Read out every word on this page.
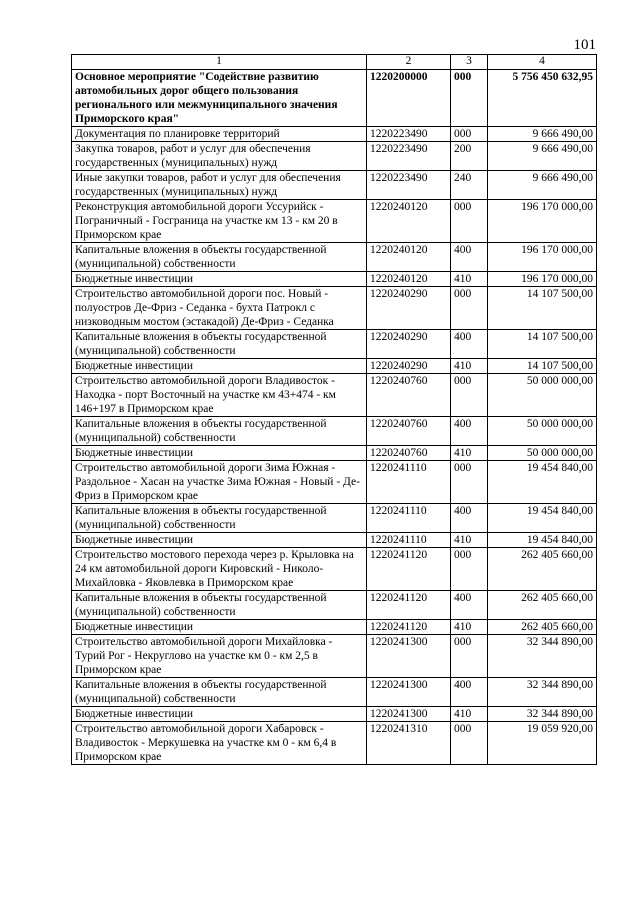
101
1	2	3	4
Основное мероприятие "Содействие развитию автомобильных дорог общего пользования регионального или межмуниципального значения Приморского края"	1220200000	000	5 756 450 632,95
Документация по планировке территорий	1220223490	000	9 666 490,00
Закупка товаров, работ и услуг для обеспечения государственных (муниципальных) нужд	1220223490	200	9 666 490,00
Иные закупки товаров, работ и услуг для обеспечения государственных (муниципальных) нужд	1220223490	240	9 666 490,00
Реконструкция автомобильной дороги Уссурийск - Пограничный - Госграница на участке км 13 - км 20 в Приморском крае	1220240120	000	196 170 000,00
Капитальные вложения в объекты государственной (муниципальной) собственности	1220240120	400	196 170 000,00
Бюджетные инвестиции	1220240120	410	196 170 000,00
Строительство автомобильной дороги пос. Новый - полуостров Де-Фриз - Седанка - бухта Патрокл с низководным мостом (эстакадой) Де-Фриз - Седанка	1220240290	000	14 107 500,00
Капитальные вложения в объекты государственной (муниципальной) собственности	1220240290	400	14 107 500,00
Бюджетные инвестиции	1220240290	410	14 107 500,00
Строительство автомобильной дороги Владивосток - Находка - порт Восточный на участке км 43+474 - км 146+197 в Приморском крае	1220240760	000	50 000 000,00
Капитальные вложения в объекты государственной (муниципальной) собственности	1220240760	400	50 000 000,00
Бюджетные инвестиции	1220240760	410	50 000 000,00
Строительство автомобильной дороги Зима Южная - Раздольное - Хасан на участке Зима Южная - Новый - Де-Фриз в Приморском крае	1220241110	000	19 454 840,00
Капитальные вложения в объекты государственной (муниципальной) собственности	1220241110	400	19 454 840,00
Бюджетные инвестиции	1220241110	410	19 454 840,00
Строительство мостового перехода через р. Крыловка на 24 км автомобильной дороги Кировский - Николо-Михайловка - Яковлевка в Приморском крае	1220241120	000	262 405 660,00
Капитальные вложения в объекты государственной (муниципальной) собственности	1220241120	400	262 405 660,00
Бюджетные инвестиции	1220241120	410	262 405 660,00
Строительство автомобильной дороги Михайловка - Турий Рог - Некруглово на участке км 0 - км 2,5 в Приморском крае	1220241300	000	32 344 890,00
Капитальные вложения в объекты государственной (муниципальной) собственности	1220241300	400	32 344 890,00
Бюджетные инвестиции	1220241300	410	32 344 890,00
Строительство автомобильной дороги Хабаровск - Владивосток - Меркушевка на участке км 0 - км 6,4 в Приморском крае	1220241310	000	19 059 920,00
